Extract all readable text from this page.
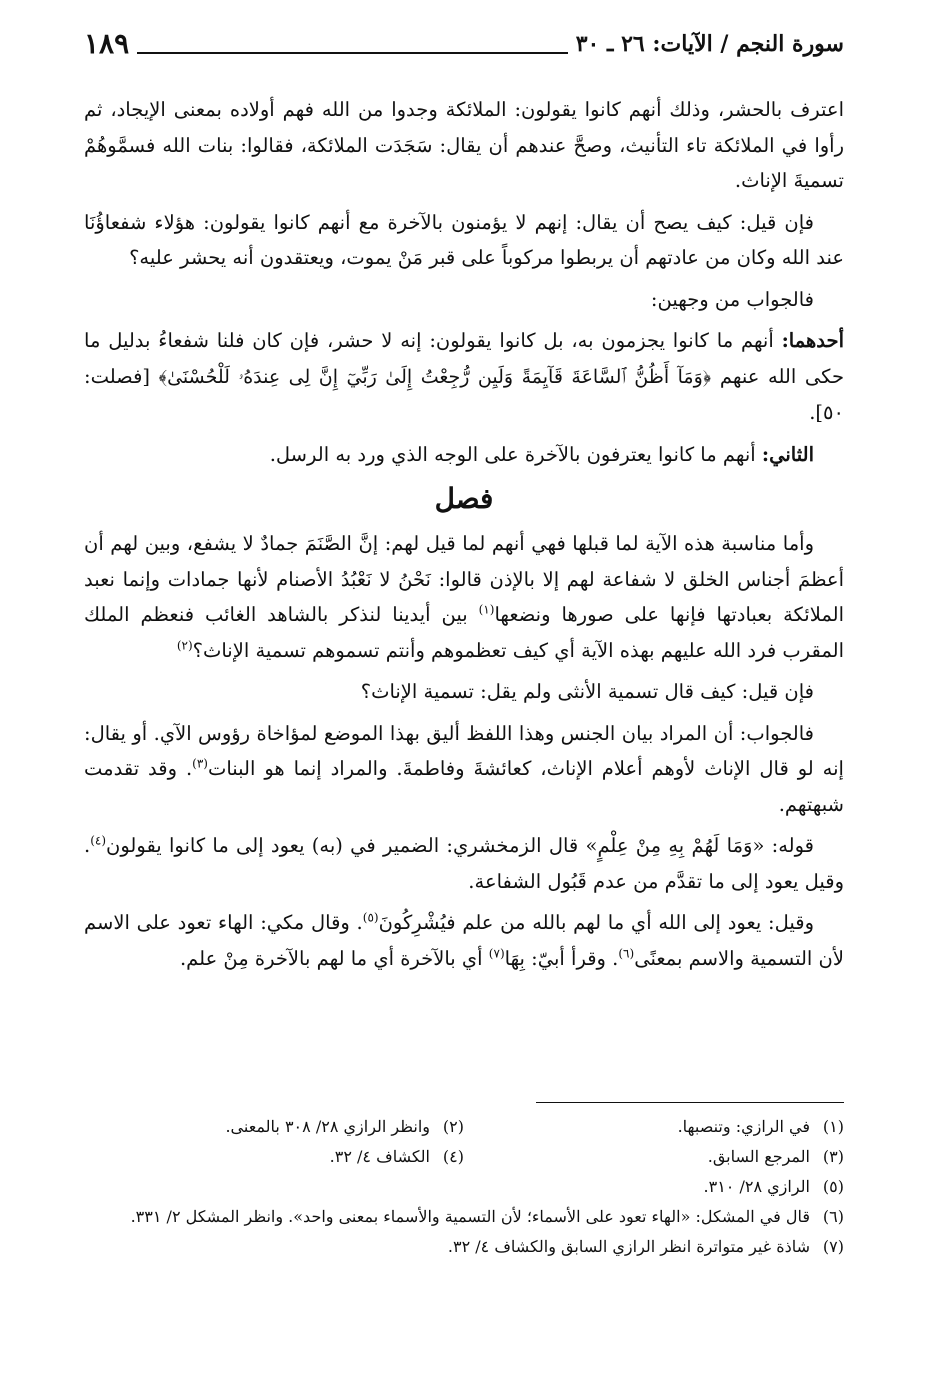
سورة النجم / الآيات: ٢٦ ـ ٣٠
١٨٩

اعترف بالحشر، وذلك أنهم كانوا يقولون: الملائكة وجدوا من الله فهم أولاده بمعنى الإيجاد، ثم رأوا في الملائكة تاء التأنيث، وصحَّ عندهم أن يقال: سَجَدَت الملائكة، فقالوا: بنات الله فسمَّوهُمْ تسميةَ الإناث.

فإن قيل: كيف يصح أن يقال: إنهم لا يؤمنون بالآخرة مع أنهم كانوا يقولون: هؤلاء شفعاؤُنَا عند الله وكان من عادتهم أن يربطوا مركوباً على قبر مَنْ يموت، ويعتقدون أنه يحشر عليه؟

فالجواب من وجهين:

أحدهما: أنهم ما كانوا يجزمون به، بل كانوا يقولون: إنه لا حشر، فإن كان فلنا شفعاءُ بدليل ما حكى الله عنهم ﴿وَمَآ أَظُنُّ ٱلسَّاعَةَ قَآيِمَةً وَلَيِن رُّجِعْتُ إِلَىٰ رَبِّيٓ إِنَّ لِى عِندَهُۥ لَلْحُسْنَىٰ﴾ [فصلت: ٥٠].

الثاني: أنهم ما كانوا يعترفون بالآخرة على الوجه الذي ورد به الرسل.

فصل

وأما مناسبة هذه الآية لما قبلها فهي أنهم لما قيل لهم: إنَّ الصَّنَمَ جمادٌ لا يشفع، وبين لهم أن أعظمَ أجناس الخلق لا شفاعة لهم إلا بالإذن قالوا: نَحْنُ لا نَعْبُدُ الأصنام لأنها جمادات وإنما نعبد الملائكة بعبادتها فإنها على صورها ونضعها$^{(١)}$ بين أيدينا لنذكر بالشاهد الغائب فنعظم الملك المقرب فرد الله عليهم بهذه الآية أي كيف تعظموهم وأنتم تسموهم تسمية الإناث؟$^{(٢)}$

فإن قيل: كيف قال تسمية الأنثى ولم يقل: تسمية الإناث؟

فالجواب: أن المراد بيان الجنس وهذا اللفظ أليق بهذا الموضع لمؤاخاة رؤوس الآي. أو يقال: إنه لو قال الإناث لأوهم أعلام الإناث، كعائشةَ وفاطمةَ. والمراد إنما هو البنات$^{(٣)}$. وقد تقدمت شبهتهم.

قوله: «وَمَا لَهُمْ بِهِ مِنْ عِلْمٍ» قال الزمخشري: الضمير في (به) يعود إلى ما كانوا يقولون$^{(٤)}$. وقيل يعود إلى ما تقدَّم من عدم قَبُول الشفاعة.

وقيل: يعود إلى الله أي ما لهم بالله من علم فيُشْرِكُونَ$^{(٥)}$. وقال مكي: الهاء تعود على الاسم لأن التسمية والاسم بمعنًى$^{(٦)}$. وقرأ أبيّ: بِهَا$^{(٧)}$ أي بالآخرة أي ما لهم بالآخرة مِنْ علم.

(١)في الرازي: وتنصبها.
(٢)وانظر الرازي ٢٨/ ٣٠٨ بالمعنى.
(٣)المرجع السابق.
(٤)الكشاف ٤/ ٣٢.
(٥)الرازي ٢٨/ ٣١٠.
(٦)قال في المشكل: «الهاء تعود على الأسماء؛ لأن التسمية والأسماء بمعنى واحد». وانظر المشكل ٢/ ٣٣١.
(٧)شاذة غير متواترة انظر الرازي السابق والكشاف ٤/ ٣٢.
